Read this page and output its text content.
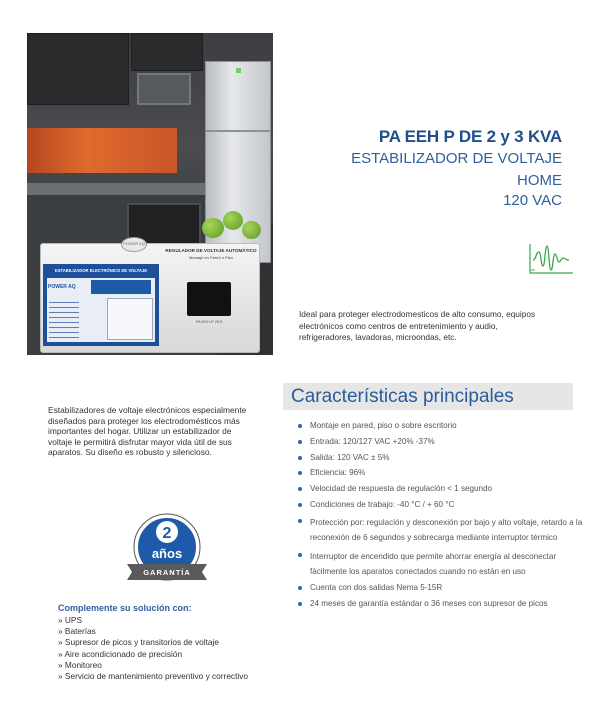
POWER AQ
ESTABILIZADOR ELECTRÓNICO DE VOLTAJE
POWER AQ
REGULADOR DE VOLTAJE AUTOMÁTICO
Montaje en Pared o Piso
PA EEH-P 2KS
PA EEH P DE 2 y 3 KVA
ESTABILIZADOR DE VOLTAJE
HOME
120 VAC
Ideal para proteger electrodomesticos de alto consumo, equipos electrónicos como centros de entretenimiento y audio, refrigeradores, lavadoras, microondas, etc.
Características principales
Montaje en pared, piso o sobre escritorio
Entrada: 120/127 VAC +20% -37%
Salida: 120 VAC ± 5%
Eficiencia: 96%
Velocidad de respuesta de regulación < 1 segundo
Condiciones de trabajo: -40 °C / + 60 °C
Protección por: regulación y desconexión por bajo y alto voltaje, retardo a la reconexión de 6 segundos y sobrecarga mediante interruptor térmico
Interruptor de encendido que permite ahorrar energía al desconectar fácilmente los aparatos conectados cuando no están en uso
Cuenta con dos salidas Nema 5-15R
24 meses de garantía estándar o 36 meses con supresor de picos
Estabilizadores de voltaje electrónicos especialmente diseñados para proteger los electrodomésticos más importantes del hogar. Utilizar un estabilizador de voltaje le permitirá disfrutar mayor vida útil de sus aparatos. Su diseño es robusto y silencioso.
2
años
GARANTÍA
Complemente su solución con:
» UPS
» Baterías
» Supresor de picos y transitorios de voltaje
» Aire acondicionado de precisión
» Monitoreo
» Servicio de mantenimiento preventivo y correctivo
